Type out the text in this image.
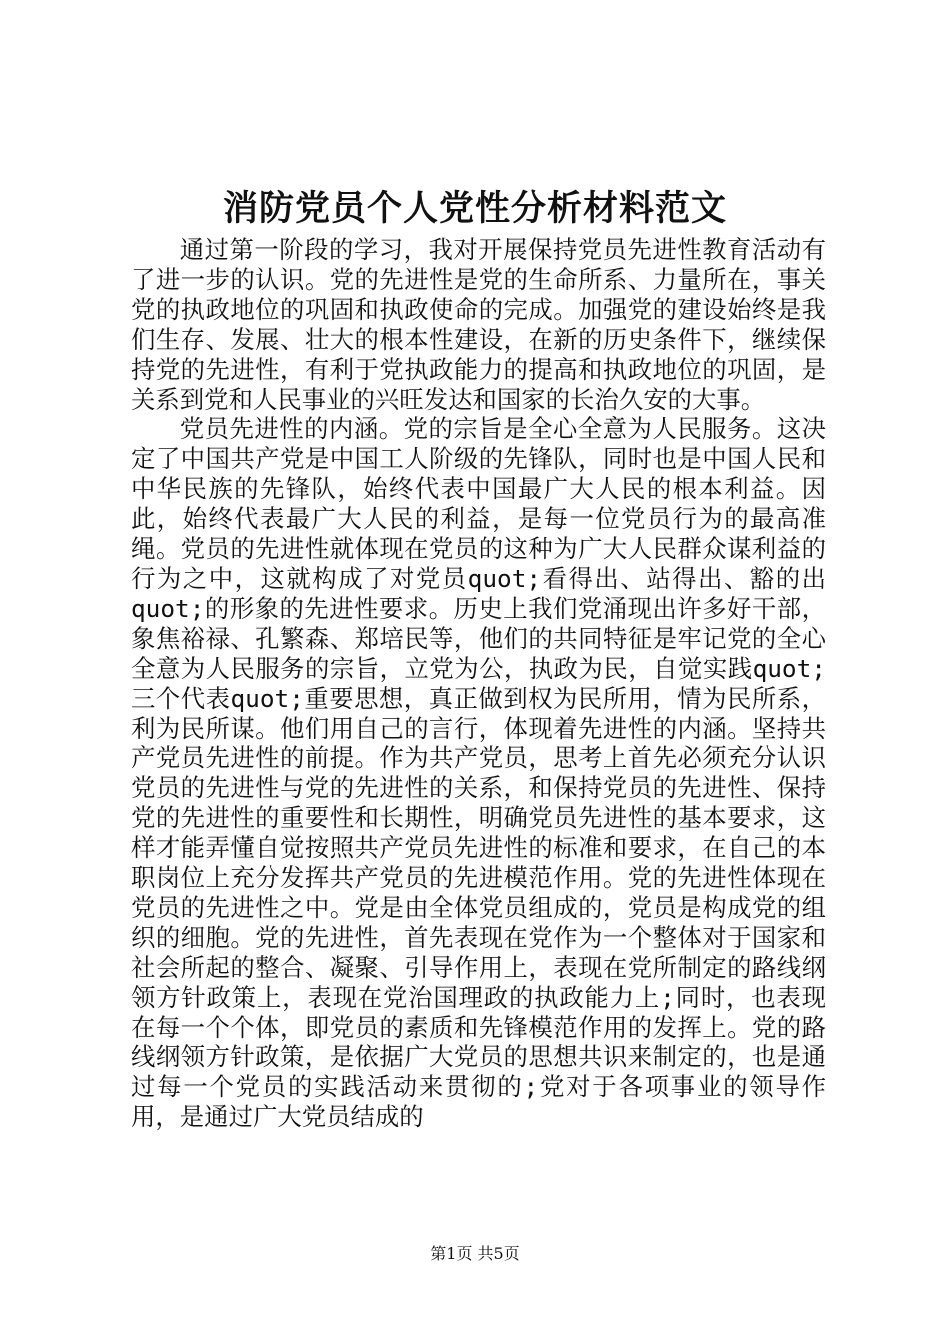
消防党员个人党性分析材料范文

通过第一阶段的学习，我对开展保持党员先进性教育活动有了进一步的认识。党的先进性是党的生命所系、力量所在，事关党的执政地位的巩固和执政使命的完成。加强党的建设始终是我们生存、发展、壮大的根本性建设，在新的历史条件下，继续保持党的先进性，有利于党执政能力的提高和执政地位的巩固，是关系到党和人民事业的兴旺发达和国家的长治久安的大事。

党员先进性的内涵。党的宗旨是全心全意为人民服务。这决定了中国共产党是中国工人阶级的先锋队，同时也是中国人民和中华民族的先锋队，始终代表中国最广大人民的根本利益。因此，始终代表最广大人民的利益，是每一位党员行为的最高准绳。党员的先进性就体现在党员的这种为广大人民群众谋利益的行为之中，这就构成了对党员quot;看得出、站得出、豁的出quot;的形象的先进性要求。历史上我们党涌现出许多好干部，象焦裕禄、孔繁森、郑培民等，他们的共同特征是牢记党的全心全意为人民服务的宗旨，立党为公，执政为民，自觉实践quot;三个代表quot;重要思想，真正做到权为民所用，情为民所系，利为民所谋。他们用自己的言行，体现着先进性的内涵。坚持共产党员先进性的前提。作为共产党员，思考上首先必须充分认识党员的先进性与党的先进性的关系，和保持党员的先进性、保持党的先进性的重要性和长期性，明确党员先进性的基本要求，这样才能弄懂自觉按照共产党员先进性的标准和要求，在自己的本职岗位上充分发挥共产党员的先进模范作用。党的先进性体现在党员的先进性之中。党是由全体党员组成的，党员是构成党的组织的细胞。党的先进性，首先表现在党作为一个整体对于国家和社会所起的整合、凝聚、引导作用上，表现在党所制定的路线纲领方针政策上，表现在党治国理政的执政能力上;同时，也表现在每一个个体，即党员的素质和先锋模范作用的发挥上。党的路线纲领方针政策，是依据广大党员的思想共识来制定的，也是通过每一个党员的实践活动来贯彻的;党对于各项事业的领导作用，是通过广大党员结成的

第1页 共5页
